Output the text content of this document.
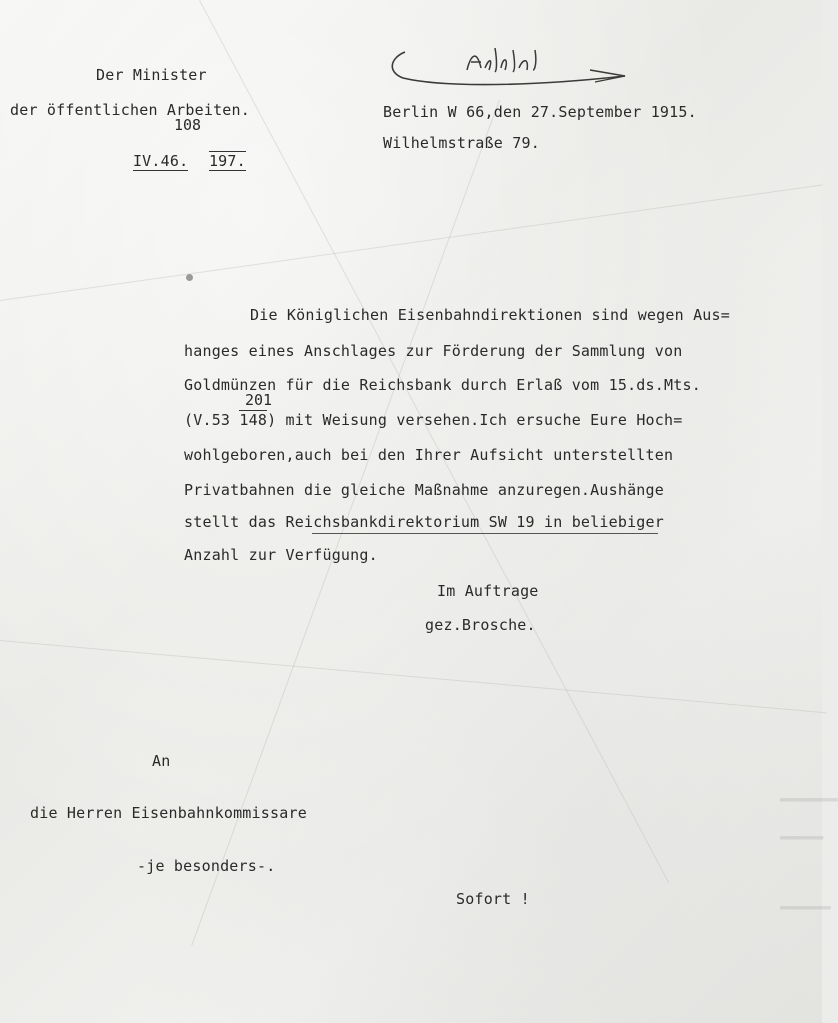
Der Minister
der öffentlichen Arbeiten.

IV.46.

108

197.

Berlin W 66,den 27.September 1915.
Wilhelmstraße 79.
Die Königlichen Eisenbahndirektionen sind wegen Aus=
hanges eines Anschlages zur Förderung der Sammlung von
Goldmünzen für die Reichsbank durch Erlaß vom 15.ds.Mts.
201
(V.53 148) mit Weisung versehen.Ich ersuche Eure Hoch=
wohlgeboren,auch bei den Ihrer Aufsicht unterstellten
Privatbahnen die gleiche Maßnahme anzuregen.Aushänge
stellt das Reichsbankdirektorium SW 19 in beliebiger
Anzahl zur Verfügung.
Im Auftrage
gez.Brosche.
An
die Herren Eisenbahnkommissare
-je besonders-.
Sofort !
▬▬▬▬▬▬▬▬
▬▬▬▬▬▬
▬▬▬▬▬▬▬
